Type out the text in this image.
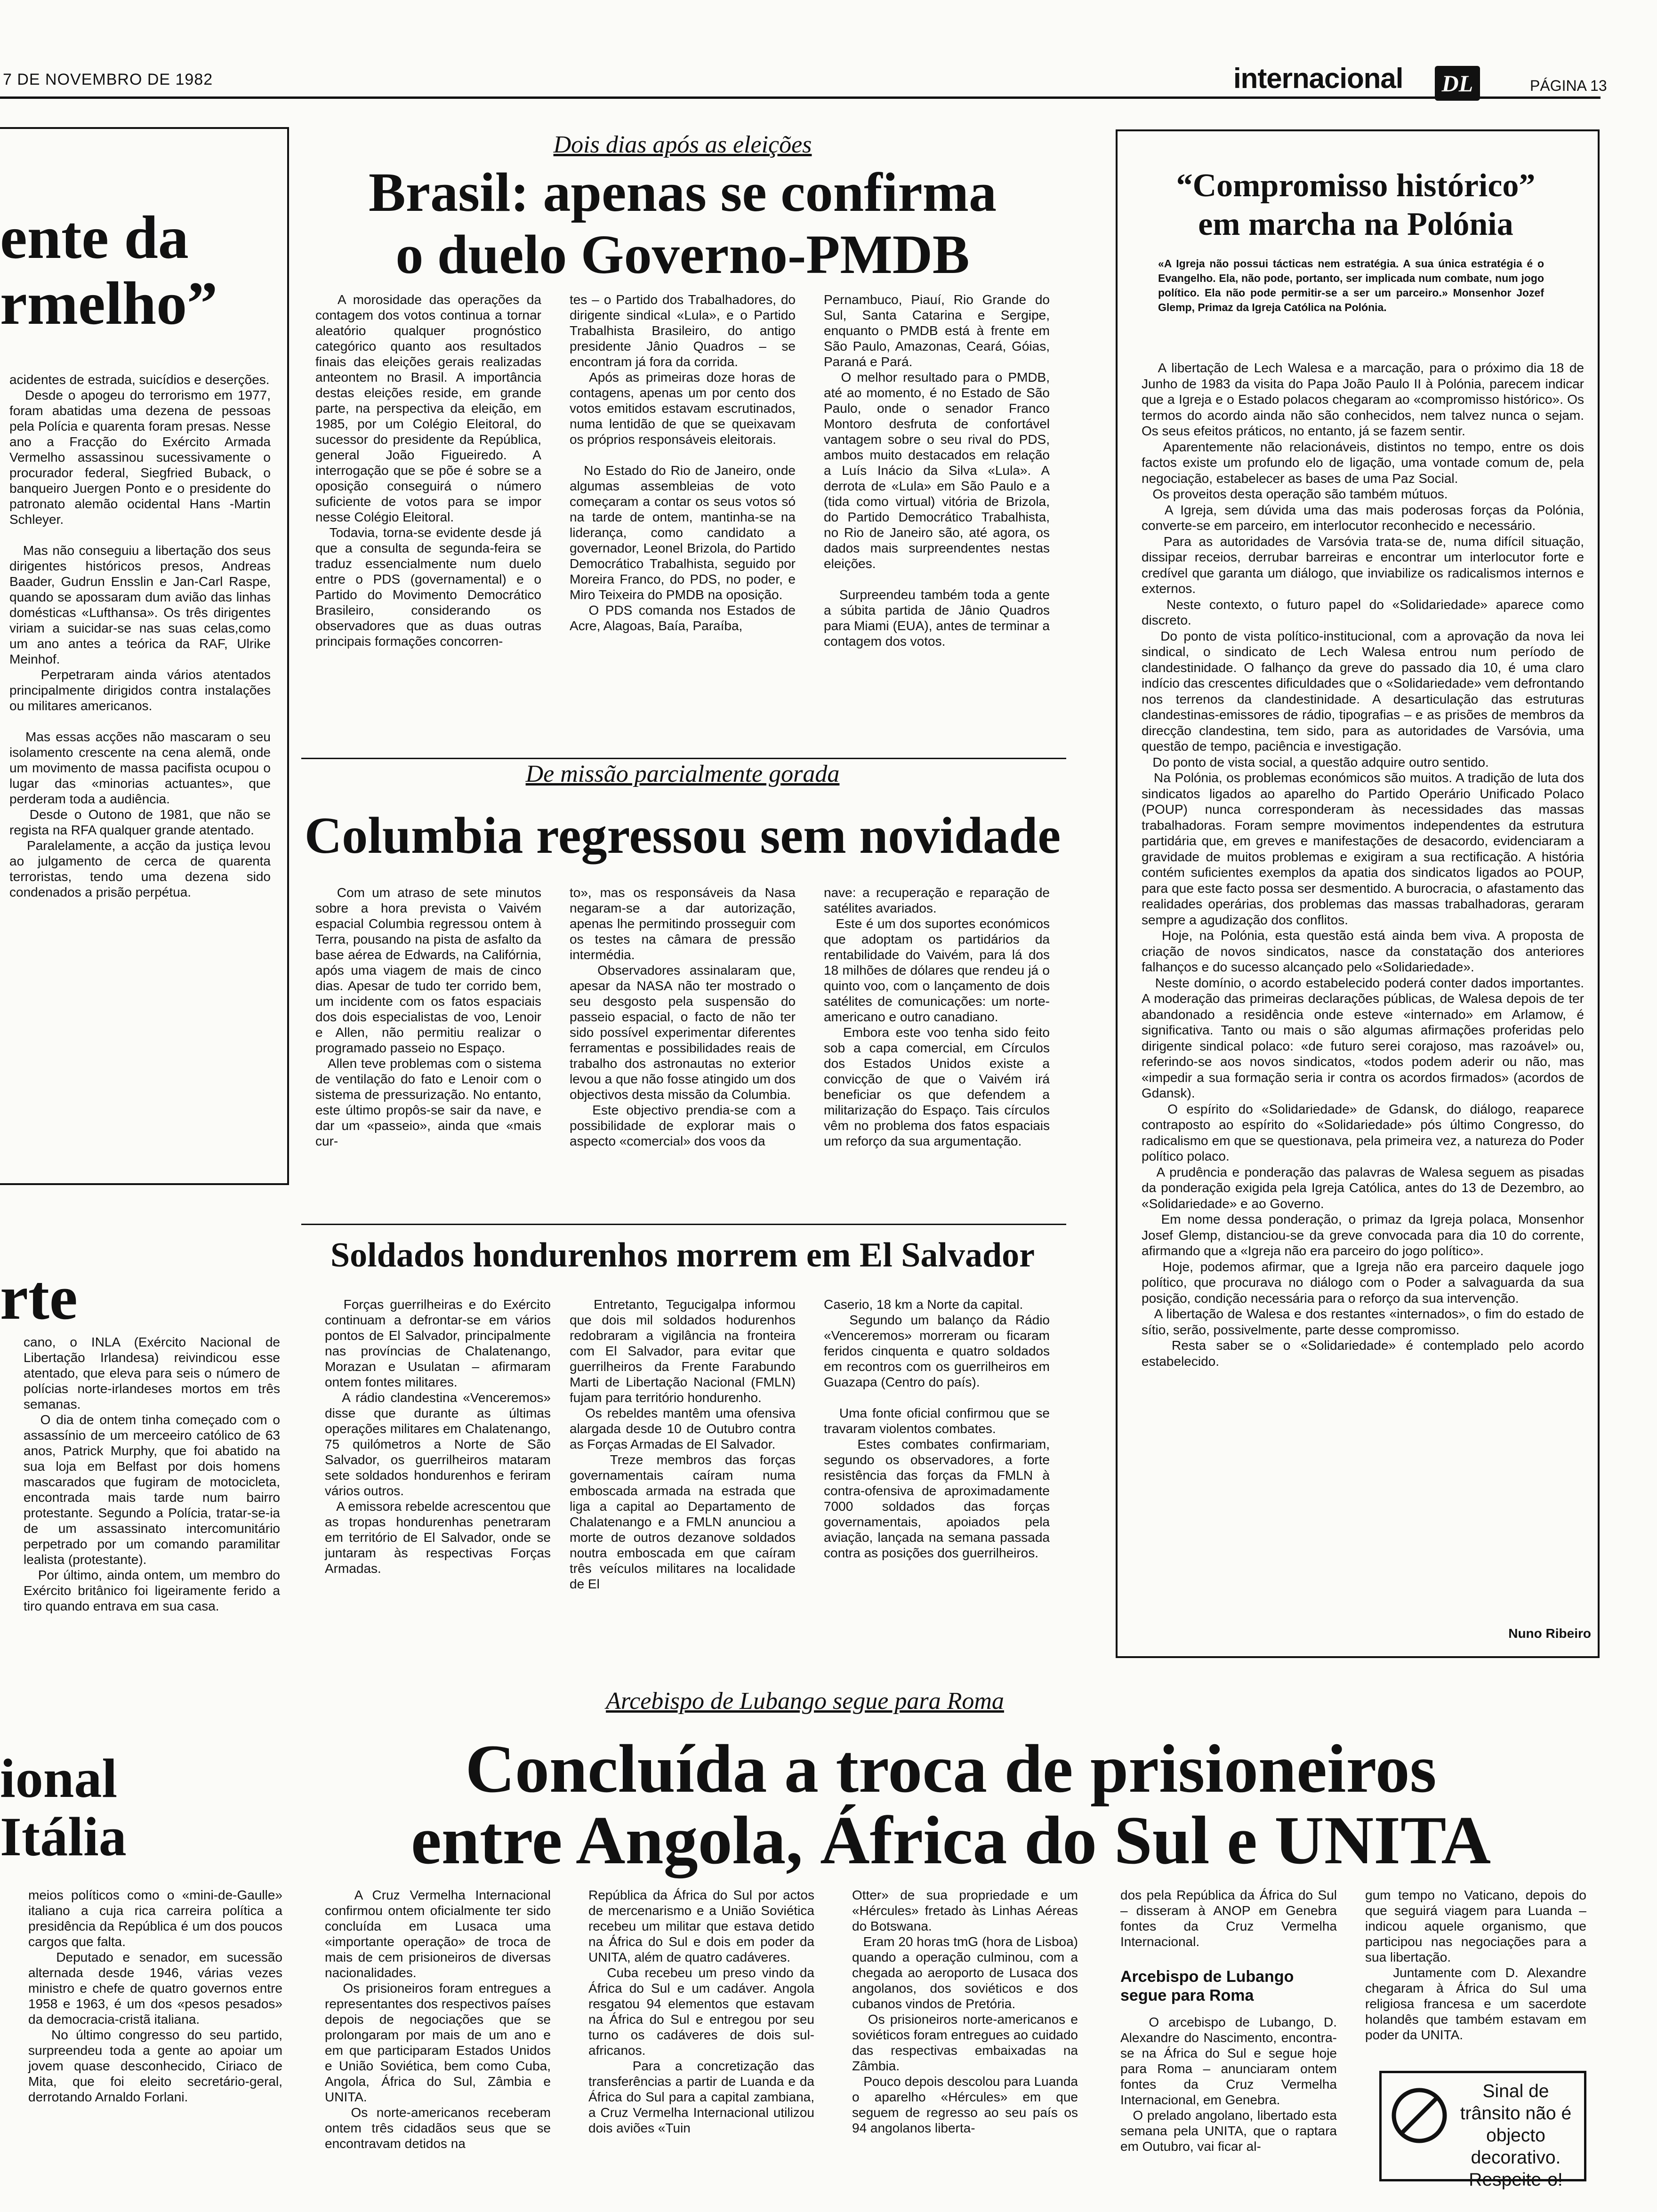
7 DE NOVEMBRO DE 1982	internacional DL	PÁGINA 13
ente da
rmelho”
acidentes de estrada, suicídios e deserções.
Desde o apogeu do terrorismo em 1977, foram abatidas uma dezena de pessoas pela Polícia e quarenta foram presas. Nesse ano a Fracção do Exército Armada Vermelho assassinou sucessivamente o procurador federal, Siegfried Buback, o banqueiro Juergen Ponto e o presidente do patronato alemão ocidental Hans -Martin Schleyer.

Mas não conseguiu a libertação dos seus dirigentes históricos presos, Andreas Baader, Gudrun Ensslin e Jan-Carl Raspe, quando se apossaram dum avião das linhas domésticas «Lufthansa». Os três dirigentes viriam a suicidar-se nas suas celas,como um ano antes a teórica da RAF, Ulrike Meinhof.
Perpetraram ainda vários atentados principalmente dirigidos contra instalações ou militares americanos.

Mas essas acções não mascaram o seu isolamento crescente na cena alemã, onde um movimento de massa pacifista ocupou o lugar das «minorias actuantes», que perderam toda a audiência.
Desde o Outono de 1981, que não se regista na RFA qualquer grande atentado.
Paralelamente, a acção da justiça levou ao julgamento de cerca de quarenta terroristas, tendo uma dezena sido condenados a prisão perpétua.
rte
cano, o INLA (Exército Nacional de Libertação Irlandesa) reivindicou esse atentado, que eleva para seis o número de polícias norte-irlandeses mortos em três semanas.
O dia de ontem tinha começado com o assassínio de um merceeiro católico de 63 anos, Patrick Murphy, que foi abatido na sua loja em Belfast por dois homens mascarados que fugiram de motocicleta, encontrada mais tarde num bairro protestante. Segundo a Polícia, tratar-se-ia de um assassinato intercomunitário perpetrado por um comando paramilitar lealista (protestante).
Por último, ainda ontem, um membro do Exército britânico foi ligeiramente ferido a tiro quando entrava em sua casa.
ional
Itália
meios políticos como o «mini-de-Gaulle» italiano a cuja rica carreira política a presidência da República é um dos poucos cargos que falta.
Deputado e senador, em sucessão alternada desde 1946, várias vezes ministro e chefe de quatro governos entre 1958 e 1963, é um dos «pesos pesados» da democracia-cristã italiana.
No último congresso do seu partido, surpreendeu toda a gente ao apoiar um jovem quase desconhecido, Ciriaco de Mita, que foi eleito secretário-geral, derrotando Arnaldo Forlani.
Dois dias após as eleições
Brasil: apenas se confirma
o duelo Governo-PMDB
A morosidade das operações da contagem dos votos continua a tornar aleatório qualquer prognóstico categórico quanto aos resultados finais das eleições gerais realizadas anteontem no Brasil. A importância destas eleições reside, em grande parte, na perspectiva da eleição, em 1985, por um Colégio Eleitoral, do sucessor do presidente da República, general João Figueiredo. A interrogação que se põe é sobre se a oposição conseguirá o número suficiente de votos para se impor nesse Colégio Eleitoral.
Todavia, torna-se evidente desde já que a consulta de segunda-feira se traduz essencialmente num duelo entre o PDS (governamental) e o Partido do Movimento Democrático Brasileiro, considerando os observadores que as duas outras principais formações concorren-
tes – o Partido dos Trabalhadores, do dirigente sindical «Lula», e o Partido Trabalhista Brasileiro, do antigo presidente Jânio Quadros – se encontram já fora da corrida.
Após as primeiras doze horas de contagens, apenas um por cento dos votos emitidos estavam escrutinados, numa lentidão de que se queixavam os próprios responsáveis eleitorais.

No Estado do Rio de Janeiro, onde algumas assembleias de voto começaram a contar os seus votos só na tarde de ontem, mantinha-se na liderança, como candidato a governador, Leonel Brizola, do Partido Democrático Trabalhista, seguido por Moreira Franco, do PDS, no poder, e Miro Teixeira do PMDB na oposição.
O PDS comanda nos Estados de Acre, Alagoas, Baía, Paraíba,
Pernambuco, Piauí, Rio Grande do Sul, Santa Catarina e Sergipe, enquanto o PMDB está à frente em São Paulo, Amazonas, Ceará, Góias, Paraná e Pará.
O melhor resultado para o PMDB, até ao momento, é no Estado de São Paulo, onde o senador Franco Montoro desfruta de confortável vantagem sobre o seu rival do PDS, ambos muito destacados em relação a Luís Inácio da Silva «Lula». A derrota de «Lula» em São Paulo e a (tida como virtual) vitória de Brizola, do Partido Democrático Trabalhista, no Rio de Janeiro são, até agora, os dados mais surpreendentes nestas eleições.

Surpreendeu também toda a gente a súbita partida de Jânio Quadros para Miami (EUA), antes de terminar a contagem dos votos.
De missão parcialmente gorada
Columbia regressou sem novidade
Com um atraso de sete minutos sobre a hora prevista o Vaivém espacial Columbia regressou ontem à Terra, pousando na pista de asfalto da base aérea de Edwards, na Califórnia, após uma viagem de mais de cinco dias. Apesar de tudo ter corrido bem, um incidente com os fatos espaciais dos dois especialistas de voo, Lenoir e Allen, não permitiu realizar o programado passeio no Espaço.
Allen teve problemas com o sistema de ventilação do fato e Lenoir com o sistema de pressurização. No entanto, este último propôs-se sair da nave, e dar um «passeio», ainda que «mais cur-
to», mas os responsáveis da Nasa negaram-se a dar autorização, apenas lhe permitindo prosseguir com os testes na câmara de pressão intermédia.
Observadores assinalaram que, apesar da NASA não ter mostrado o seu desgosto pela suspensão do passeio espacial, o facto de não ter sido possível experimentar diferentes ferramentas e possibilidades reais de trabalho dos astronautas no exterior levou a que não fosse atingido um dos objectivos desta missão da Columbia.
Este objectivo prendia-se com a possibilidade de explorar mais o aspecto «comercial» dos voos da
nave: a recuperação e reparação de satélites avariados.
Este é um dos suportes económicos que adoptam os partidários da rentabilidade do Vaivém, para lá dos 18 milhões de dólares que rendeu já o quinto voo, com o lançamento de dois satélites de comunicações: um norte-americano e outro canadiano.
Embora este voo tenha sido feito sob a capa comercial, em Círculos dos Estados Unidos existe a convicção de que o Vaivém irá beneficiar os que defendem a militarização do Espaço. Tais círculos vêm no problema dos fatos espaciais um reforço da sua argumentação.
Soldados hondurenhos morrem em El Salvador
Forças guerrilheiras e do Exército continuam a defrontar-se em vários pontos de El Salvador, principalmente nas províncias de Chalatenango, Morazan e Usulatan – afirmaram ontem fontes militares.
A rádio clandestina «Venceremos» disse que durante as últimas operações militares em Chalatenango, 75 quilómetros a Norte de São Salvador, os guerrilheiros mataram sete soldados hondurenhos e feriram vários outros.
A emissora rebelde acrescentou que as tropas hondurenhas penetraram em território de El Salvador, onde se juntaram às respectivas Forças Armadas.
Entretanto, Tegucigalpa informou que dois mil soldados hodurenhos redobraram a vigilância na fronteira com El Salvador, para evitar que guerrilheiros da Frente Farabundo Marti de Libertação Nacional (FMLN) fujam para território hondurenho.
Os rebeldes mantêm uma ofensiva alargada desde 10 de Outubro contra as Forças Armadas de El Salvador.
Treze membros das forças governamentais caíram numa emboscada armada na estrada que liga a capital ao Departamento de Chalatenango e a FMLN anunciou a morte de outros dezanove soldados noutra emboscada em que caíram três veículos militares na localidade de El
Caserio, 18 km a Norte da capital.
Segundo um balanço da Rádio «Venceremos» morreram ou ficaram feridos cinquenta e quatro soldados em recontros com os guerrilheiros em Guazapa (Centro do país).

Uma fonte oficial confirmou que se travaram violentos combates.
Estes combates confirmariam, segundo os observadores, a forte resistência das forças da FMLN à contra-ofensiva de aproximadamente 7000 soldados das forças governamentais, apoiados pela aviação, lançada na semana passada contra as posições dos guerrilheiros.
“Compromisso histórico”
em marcha na Polónia
«A Igreja não possui tácticas nem estratégia. A sua única estratégia é o Evangelho. Ela, não pode, portanto, ser implicada num combate, num jogo político. Ela não pode permitir-se a ser um parceiro.» Monsenhor Jozef Glemp, Primaz da Igreja Católica na Polónia.
A libertação de Lech Walesa e a marcação, para o próximo dia 18 de Junho de 1983 da visita do Papa João Paulo II à Polónia, parecem indicar que a Igreja e o Estado polacos chegaram ao «compromisso histórico». Os termos do acordo ainda não são conhecidos, nem talvez nunca o sejam. Os seus efeitos práticos, no entanto, já se fazem sentir.
Aparentemente não relacionáveis, distintos no tempo, entre os dois factos existe um profundo elo de ligação, uma vontade comum de, pela negociação, estabelecer as bases de uma Paz Social.
Os proveitos desta operação são também mútuos.
A Igreja, sem dúvida uma das mais poderosas forças da Polónia, converte-se em parceiro, em interlocutor reconhecido e necessário.
Para as autoridades de Varsóvia trata-se de, numa difícil situação, dissipar receios, derrubar barreiras e encontrar um interlocutor forte e credível que garanta um diálogo, que inviabilize os radicalismos internos e externos.
Neste contexto, o futuro papel do «Solidariedade» aparece como discreto.
Do ponto de vista político-institucional, com a aprovação da nova lei sindical, o sindicato de Lech Walesa entrou num período de clandestinidade. O falhanço da greve do passado dia 10, é uma claro indício das crescentes dificuldades que o «Solidariedade» vem defrontando nos terrenos da clandestinidade. A desarticulação das estruturas clandestinas-emissores de rádio, tipografias – e as prisões de membros da direcção clandestina, tem sido, para as autoridades de Varsóvia, uma questão de tempo, paciência e investigação.
Do ponto de vista social, a questão adquire outro sentido.
Na Polónia, os problemas económicos são muitos. A tradição de luta dos sindicatos ligados ao aparelho do Partido Operário Unificado Polaco (POUP) nunca corresponderam às necessidades das massas trabalhadoras. Foram sempre movimentos independentes da estrutura partidária que, em greves e manifestações de desacordo, evidenciaram a gravidade de muitos problemas e exigiram a sua rectificação. A história contém suficientes exemplos da apatia dos sindicatos ligados ao POUP, para que este facto possa ser desmentido. A burocracia, o afastamento das realidades operárias, dos problemas das massas trabalhadoras, geraram sempre a agudização dos conflitos.
Hoje, na Polónia, esta questão está ainda bem viva. A proposta de criação de novos sindicatos, nasce da constatação dos anteriores falhanços e do sucesso alcançado pelo «Solidariedade».
Neste domínio, o acordo estabelecido poderá conter dados importantes. A moderação das primeiras declarações públicas, de Walesa depois de ter abandonado a residência onde esteve «internado» em Arlamow, é significativa. Tanto ou mais o são algumas afirmações proferidas pelo dirigente sindical polaco: «de futuro serei corajoso, mas razoável» ou, referindo-se aos novos sindicatos, «todos podem aderir ou não, mas «impedir a sua formação seria ir contra os acordos firmados» (acordos de Gdansk).
O espírito do «Solidariedade» de Gdansk, do diálogo, reaparece contraposto ao espírito do «Solidariedade» pós último Congresso, do radicalismo em que se questionava, pela primeira vez, a natureza do Poder político polaco.
A prudência e ponderação das palavras de Walesa seguem as pisadas da ponderação exigida pela Igreja Católica, antes do 13 de Dezembro, ao «Solidariedade» e ao Governo.
Em nome dessa ponderação, o primaz da Igreja polaca, Monsenhor Josef Glemp, distanciou-se da greve convocada para dia 10 do corrente, afirmando que a «Igreja não era parceiro do jogo político».
Hoje, podemos afirmar, que a Igreja não era parceiro daquele jogo político, que procurava no diálogo com o Poder a salvaguarda da sua posição, condição necessária para o reforço da sua intervenção.
A libertação de Walesa e dos restantes «internados», o fim do estado de sítio, serão, possivelmente, parte desse compromisso.
Resta saber se o «Solidariedade» é contemplado pelo acordo estabelecido.
Nuno Ribeiro
Arcebispo de Lubango segue para Roma
Concluída a troca de prisioneiros
entre Angola, África do Sul e UNITA
A Cruz Vermelha Internacional confirmou ontem oficialmente ter sido concluída em Lusaca uma «importante operação» de troca de mais de cem prisioneiros de diversas nacionalidades.
Os prisioneiros foram entregues a representantes dos respectivos países depois de negociações que se prolongaram por mais de um ano e em que participaram Estados Unidos e União Soviética, bem como Cuba, Angola, África do Sul, Zâmbia e UNITA.
Os norte-americanos receberam ontem três cidadãos seus que se encontravam detidos na
República da África do Sul por actos de mercenarismo e a União Soviética recebeu um militar que estava detido na África do Sul e dois em poder da UNITA, além de quatro cadáveres.
Cuba recebeu um preso vindo da África do Sul e um cadáver. Angola resgatou 94 elementos que estavam na África do Sul e entregou por seu turno os cadáveres de dois sul-africanos.
Para a concretização das transferências a partir de Luanda e da África do Sul para a capital zambiana, a Cruz Vermelha Internacional utilizou dois aviões «Tuin
Otter» de sua propriedade e um «Hércules» fretado às Linhas Aéreas do Botswana.
Eram 20 horas tmG (hora de Lisboa) quando a operação culminou, com a chegada ao aeroporto de Lusaca dos angolanos, dos soviéticos e dos cubanos vindos de Pretória.
Os prisioneiros norte-americanos e soviéticos foram entregues ao cuidado das respectivas embaixadas na Zâmbia.
Pouco depois descolou para Luanda o aparelho «Hércules» em que seguem de regresso ao seu país os 94 angolanos liberta-
dos pela República da África do Sul – disseram à ANOP em Genebra fontes da Cruz Vermelha Internacional.
Arcebispo de Lubango segue para Roma
O arcebispo de Lubango, D. Alexandre do Nascimento, encontra-se na África do Sul e segue hoje para Roma – anunciaram ontem fontes da Cruz Vermelha Internacional, em Genebra.
O prelado angolano, libertado esta semana pela UNITA, que o raptara em Outubro, vai ficar al-
gum tempo no Vaticano, depois do que seguirá viagem para Luanda – indicou aquele organismo, que participou nas negociações para a sua libertação.
Juntamente com D. Alexandre chegaram à África do Sul uma religiosa francesa e um sacerdote holandês que também estavam em poder da UNITA.
Sinal de trânsito não é objecto decorativo. Respeite-o!
